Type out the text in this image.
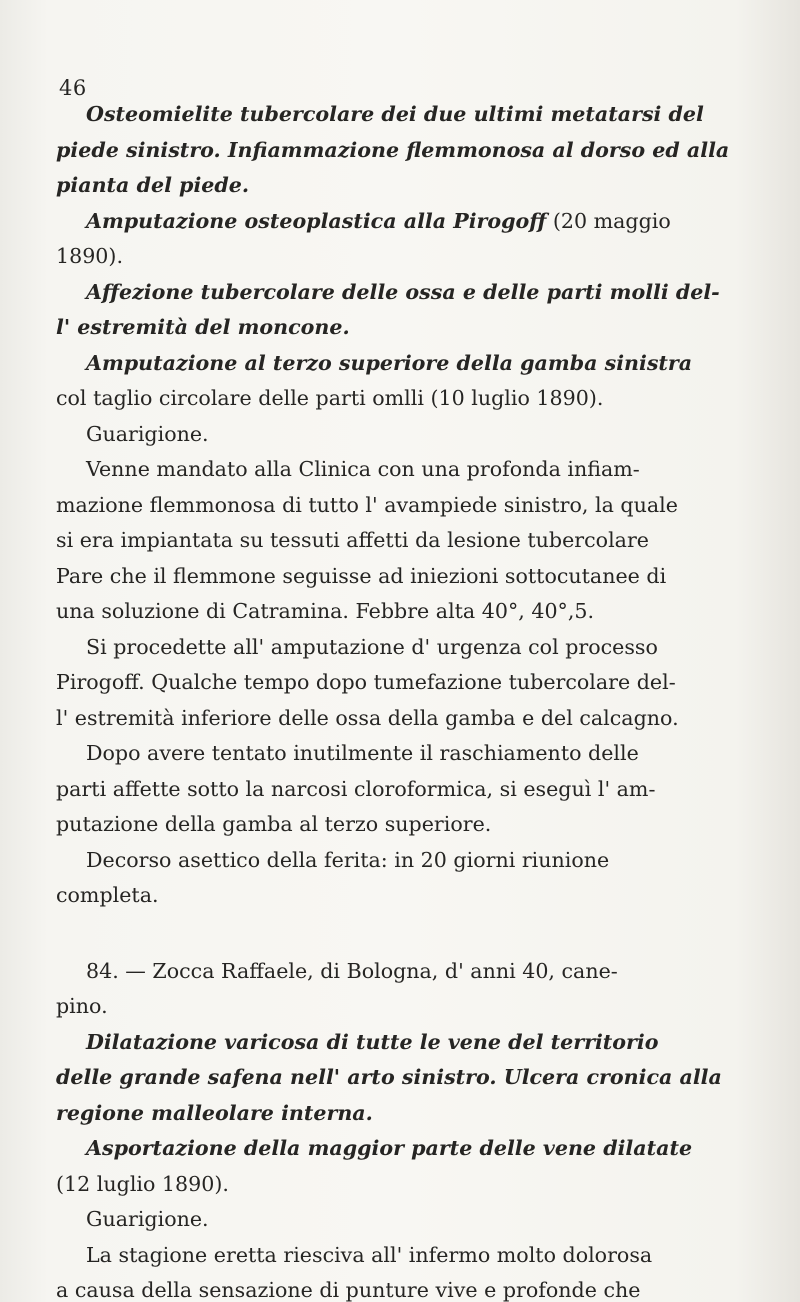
46
Osteomielite tubercolare dei due ultimi metatarsi del
piede sinistro. Infiammazione flemmonosa al dorso ed alla
pianta del piede.
Amputazione osteoplastica alla Pirogoff (20 maggio
1890).
Affezione tubercolare delle ossa e delle parti molli del-
l' estremità del moncone.
Amputazione al terzo superiore della gamba sinistra
col taglio circolare delle parti omlli (10 luglio 1890).
Guarigione.
Venne mandato alla Clinica con una profonda infiam-
mazione flemmonosa di tutto l' avampiede sinistro, la quale
si era impiantata su tessuti affetti da lesione tubercolare
Pare che il flemmone seguisse ad iniezioni sottocutanee di
una soluzione di Catramina. Febbre alta 40°, 40°,5.
Si procedette all' amputazione d' urgenza col processo
Pirogoff. Qualche tempo dopo tumefazione tubercolare del-
l' estremità inferiore delle ossa della gamba e del calcagno.
Dopo avere tentato inutilmente il raschiamento delle
parti affette sotto la narcosi cloroformica, si eseguì l' am-
putazione della gamba al terzo superiore.
Decorso asettico della ferita: in 20 giorni riunione
completa.
84. — Zocca Raffaele, di Bologna, d' anni 40, cane-
pino.
Dilatazione varicosa di tutte le vene del territorio
delle grande safena nell' arto sinistro. Ulcera cronica alla
regione malleolare interna.
Asportazione della maggior parte delle vene dilatate
(12 luglio 1890).
Guarigione.
La stagione eretta riesciva all' infermo molto dolorosa
a causa della sensazione di punture vive e profonde che
